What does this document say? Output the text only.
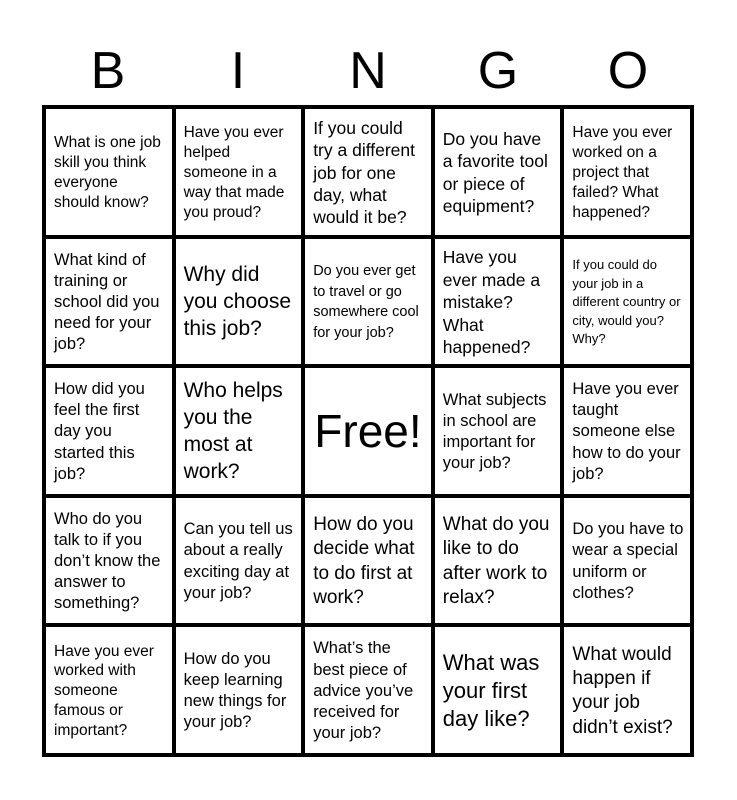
B	I	N	G	O
What is one job skill you think everyone should know?
Have you ever helped someone in a way that made you proud?
If you could try a different job for one day, what would it be?
Do you have a favorite tool or piece of equipment?
Have you ever worked on a project that failed? What happened?
What kind of training or school did you need for your job?
Why did you choose this job?
Do you ever get to travel or go somewhere cool for your job?
Have you ever made a mistake? What happened?
If you could do your job in a different country or city, would you? Why?
How did you feel the first day you started this job?
Who helps you the most at work?
Free!
What subjects in school are important for your job?
Have you ever taught someone else how to do your job?
Who do you talk to if you don’t know the answer to something?
Can you tell us about a really exciting day at your job?
How do you decide what to do first at work?
What do you like to do after work to relax?
Do you have to wear a special uniform or clothes?
Have you ever worked with someone famous or important?
How do you keep learning new things for your job?
What’s the best piece of advice you’ve received for your job?
What was your first day like?
What would happen if your job didn’t exist?
